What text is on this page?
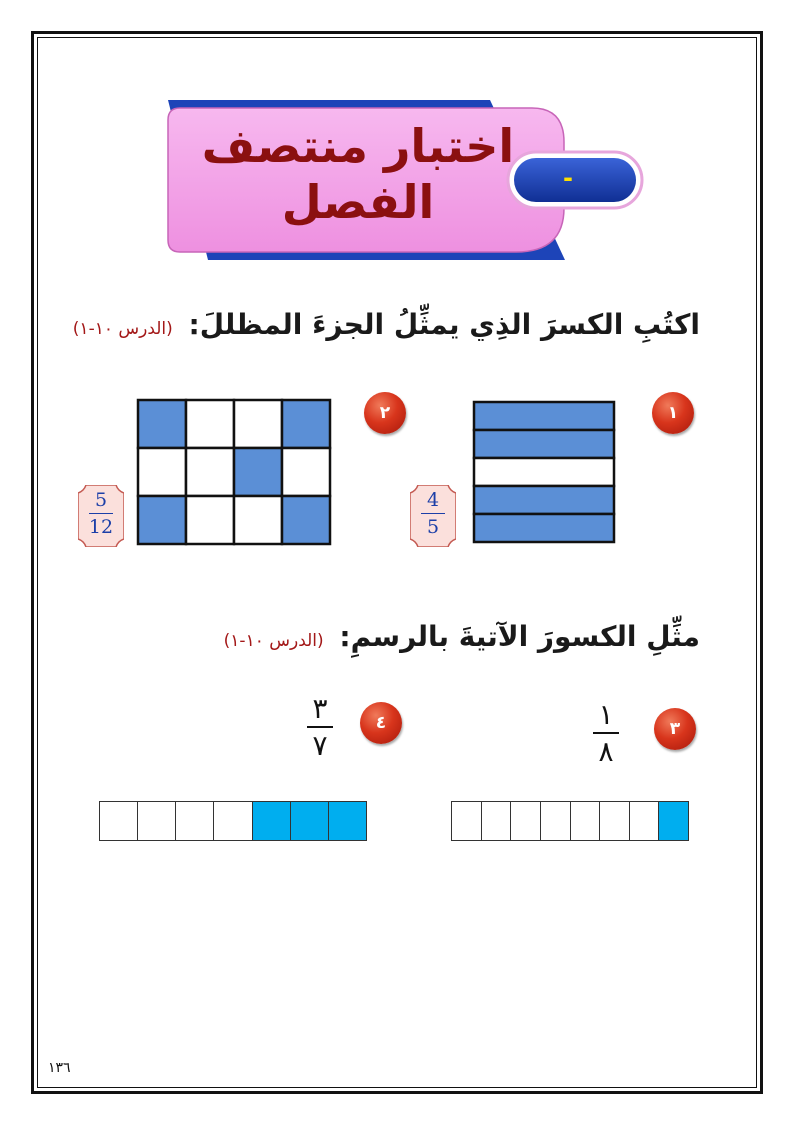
اختبار منتصف الفصل	-
اكتُبِ الكسرَ الذِي يمثِّلُ الجزءَ المظللَ: (الدرس ١٠-١)
١
4
5
٢
5
12
مثِّلِ الكسورَ الآتيةَ بالرسمِ: (الدرس ١٠-١)
٣
١
٨
٤
٣
٧
١٣٦
